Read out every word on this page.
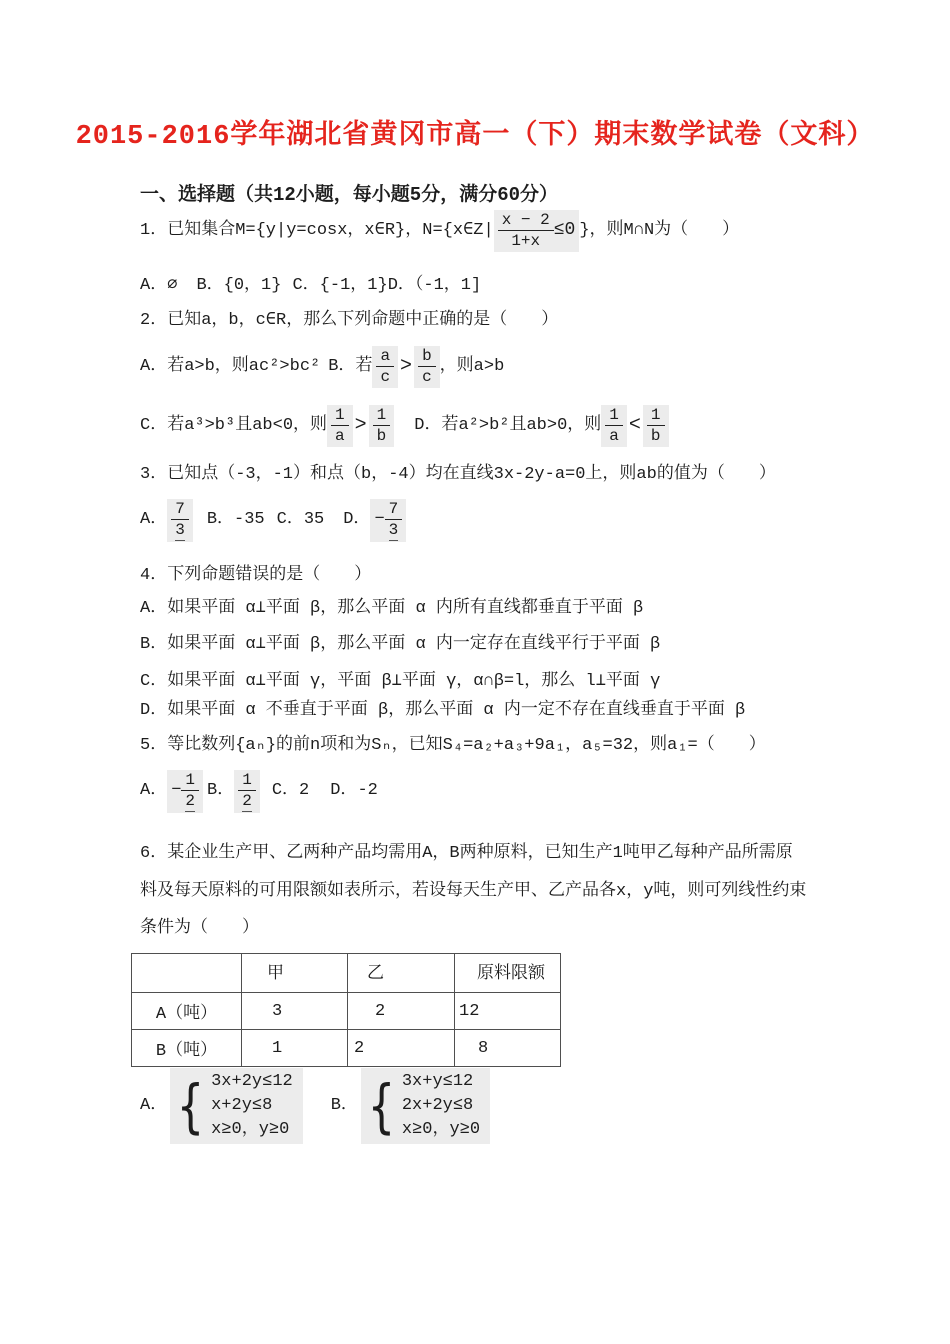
2015-2016学年湖北省黄冈市高一（下）期末数学试卷（文科）
一、选择题（共12小题，每小题5分，满分60分）
1．已知集合M={y|y=cosx，x∈R}，N={x∈Z| $\frac{x - 2}{1+x} \le 0$ }，则M∩N为（　　）
A．∅ B．{0，1} C．{-1，1} D．（-1，1]
2．已知a，b，c∈R，那么下列命题中正确的是（　　）
A．若a>b，则ac²>bc² B． 若 $\frac{a}{c} > \frac{b}{c}$ ，则a>b
C． 若a³>b³且ab<0，则 $\frac{1}{a} > \frac{1}{b}$ D． 若a²>b²且ab>0，则 $\frac{1}{a} < \frac{1}{b}$
3．已知点（-3，-1）和点（b，-4）均在直线3x-2y-a=0上，则ab的值为（　　）
A． $\frac{7}{3}$ B．-35 C．35 D． − $\frac{7}{3}$
4．下列命题错误的是（　　）
A．如果平面 α⊥平面 β，那么平面 α 内所有直线都垂直于平面 β
B．如果平面 α⊥平面 β，那么平面 α 内一定存在直线平行于平面 β
C．如果平面 α⊥平面 γ，平面 β⊥平面 γ，α∩β=l，那么 l⊥平面 γ
D．如果平面 α 不垂直于平面 β，那么平面 α 内一定不存在直线垂直于平面 β
5．等比数列{aₙ}的前n项和为Sₙ，已知S₄=a₂+a₃+9a₁，a₅=32，则a₁=（　　）
A． − $\frac{1}{2}$ B． $\frac{1}{2}$ C．2 D．-2
6．某企业生产甲、乙两种产品均需用A，B两种原料，已知生产1吨甲乙每种产品所需原
料及每天原料的可用限额如表所示，若设每天生产甲、乙产品各x，y吨，则可列线性约束
条件为（　　）
	甲	乙	原料限额
A（吨）	3	2	12
B（吨）	1	2	8
A． { 3x+2y≤12
x+2y≤8
x≥0，y≥0
B． { 3x+y≤12
2x+2y≤8
x≥0，y≥0
